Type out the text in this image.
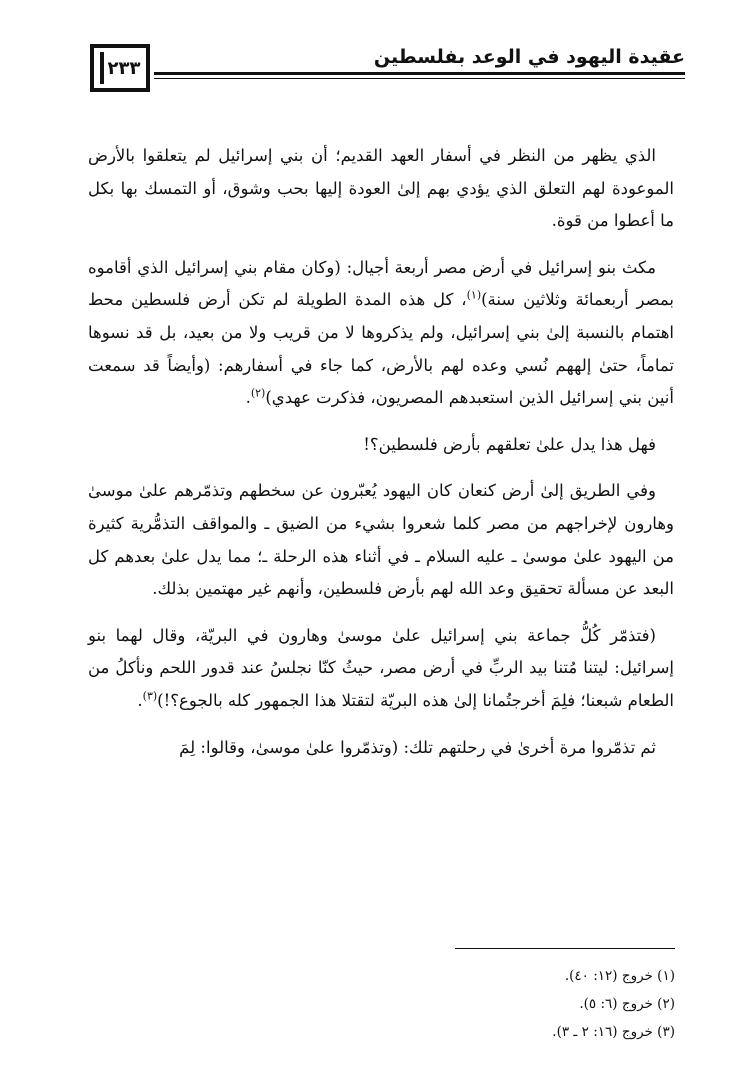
٢٣٣	عقيدة اليهود في الوعد بفلسطين

الذي يظهر من النظر في أسفار العهد القديم؛ أن بني إسرائيل لم يتعلقوا بالأرض الموعودة لهم التعلق الذي يؤدي بهم إلىٰ العودة إليها بحب وشوق، أو التمسك بها بكل ما أعطوا من قوة.

مكث بنو إسرائيل في أرض مصر أربعة أجيال: (وكان مقام بني إسرائيل الذي أقاموه بمصر أربعمائة وثلاثين سنة)$^{(١)}$، كل هذه المدة الطويلة لم تكن أرض فلسطين محط اهتمام بالنسبة إلىٰ بني إسرائيل، ولم يذكروها لا من قريب ولا من بعيد، بل قد نسوها تماماً، حتىٰ إلههم نُسي وعده لهم بالأرض، كما جاء في أسفارهم: (وأيضاً قد سمعت أنين بني إسرائيل الذين استعبدهم المصريون، فذكرت عهدي)$^{(٢)}$.

فهل هذا يدل علىٰ تعلقهم بأرض فلسطين؟!

وفي الطريق إلىٰ أرض كنعان كان اليهود يُعبّرون عن سخطهم وتذمّرهم علىٰ موسىٰ وهارون لإخراجهم من مصر كلما شعروا بشيء من الضيق ـ والمواقف التذمُّرية كثيرة من اليهود علىٰ موسىٰ ـ عليه السلام ـ في أثناء هذه الرحلة ـ؛ مما يدل علىٰ بعدهم كل البعد عن مسألة تحقيق وعد الله لهم بأرض فلسطين، وأنهم غير مهتمين بذلك.

(فتذمّر كُلُّ جماعة بني إسرائيل علىٰ موسىٰ وهارون في البريّة، وقال لهما بنو إسرائيل: ليتنا مُتنا بيد الربِّ في أرض مصر، حيثُ كنّا نجلسُ عند قدور اللحم ونأكلُ من الطعام شبعنا؛ فلِمَ أخرجتُمانا إلىٰ هذه البريّة لتقتلا هذا الجمهور كله بالجوع؟!)$^{(٣)}$.

ثم تذمّروا مرة أخرىٰ في رحلتهم تلك: (وتذمّروا علىٰ موسىٰ، وقالوا: لِمَ

(١) خروج (١٢: ٤٠).
(٢) خروج (٦: ٥).
(٣) خروج (١٦: ٢ ـ ٣).
